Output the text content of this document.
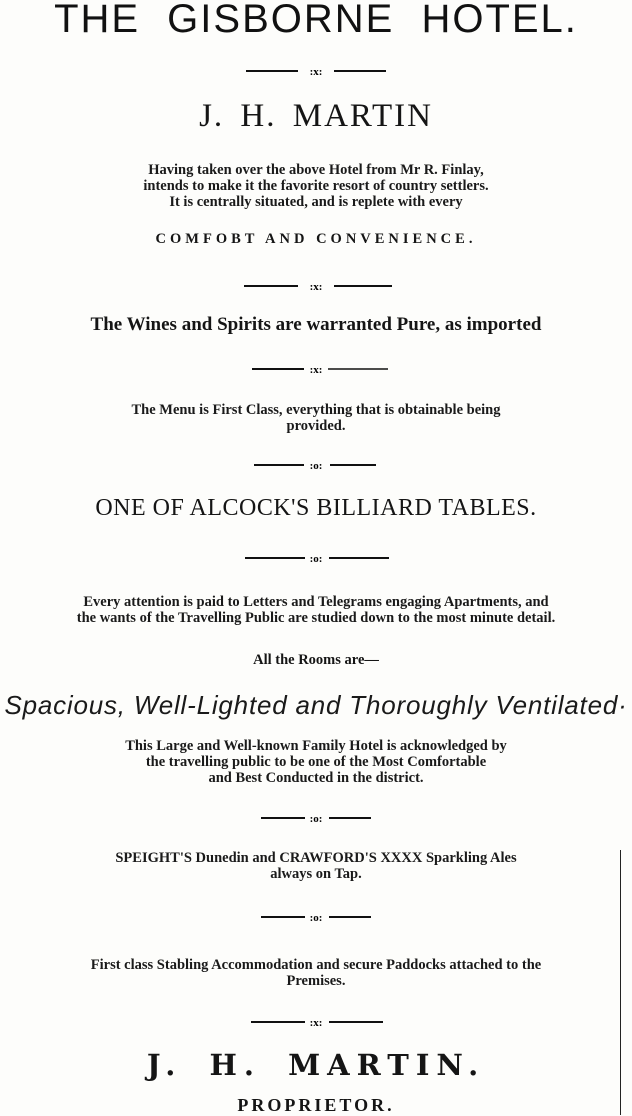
THE GISBORNE HOTEL.
:x:
J. H. MARTIN
Having taken over the above Hotel from Mr R. Finlay,
intends to make it the favorite resort of country settlers.
It is centrally situated, and is replete with every
COMFOBT AND CONVENIENCE.
:x:
The Wines and Spirits are warranted Pure, as imported
:x:
The Menu is First Class, everything that is obtainable being
provided.
:o:
ONE OF ALCOCK'S BILLIARD TABLES.
:o:
Every attention is paid to Letters and Telegrams engaging Apartments, and
the wants of the Travelling Public are studied down to the most minute detail.
All the Rooms are—
Spacious, Well-Lighted and Thoroughly Ventilated·
This Large and Well-known Family Hotel is acknowledged by
the travelling public to be one of the Most Comfortable
and Best Conducted in the district.
:o:
SPEIGHT'S Dunedin and CRAWFORD'S XXXX Sparkling Ales
always on Tap.
:o:
First class Stabling Accommodation and secure Paddocks attached to the
Premises.
:x:
J. H. MARTIN.
PROPRIETOR.
